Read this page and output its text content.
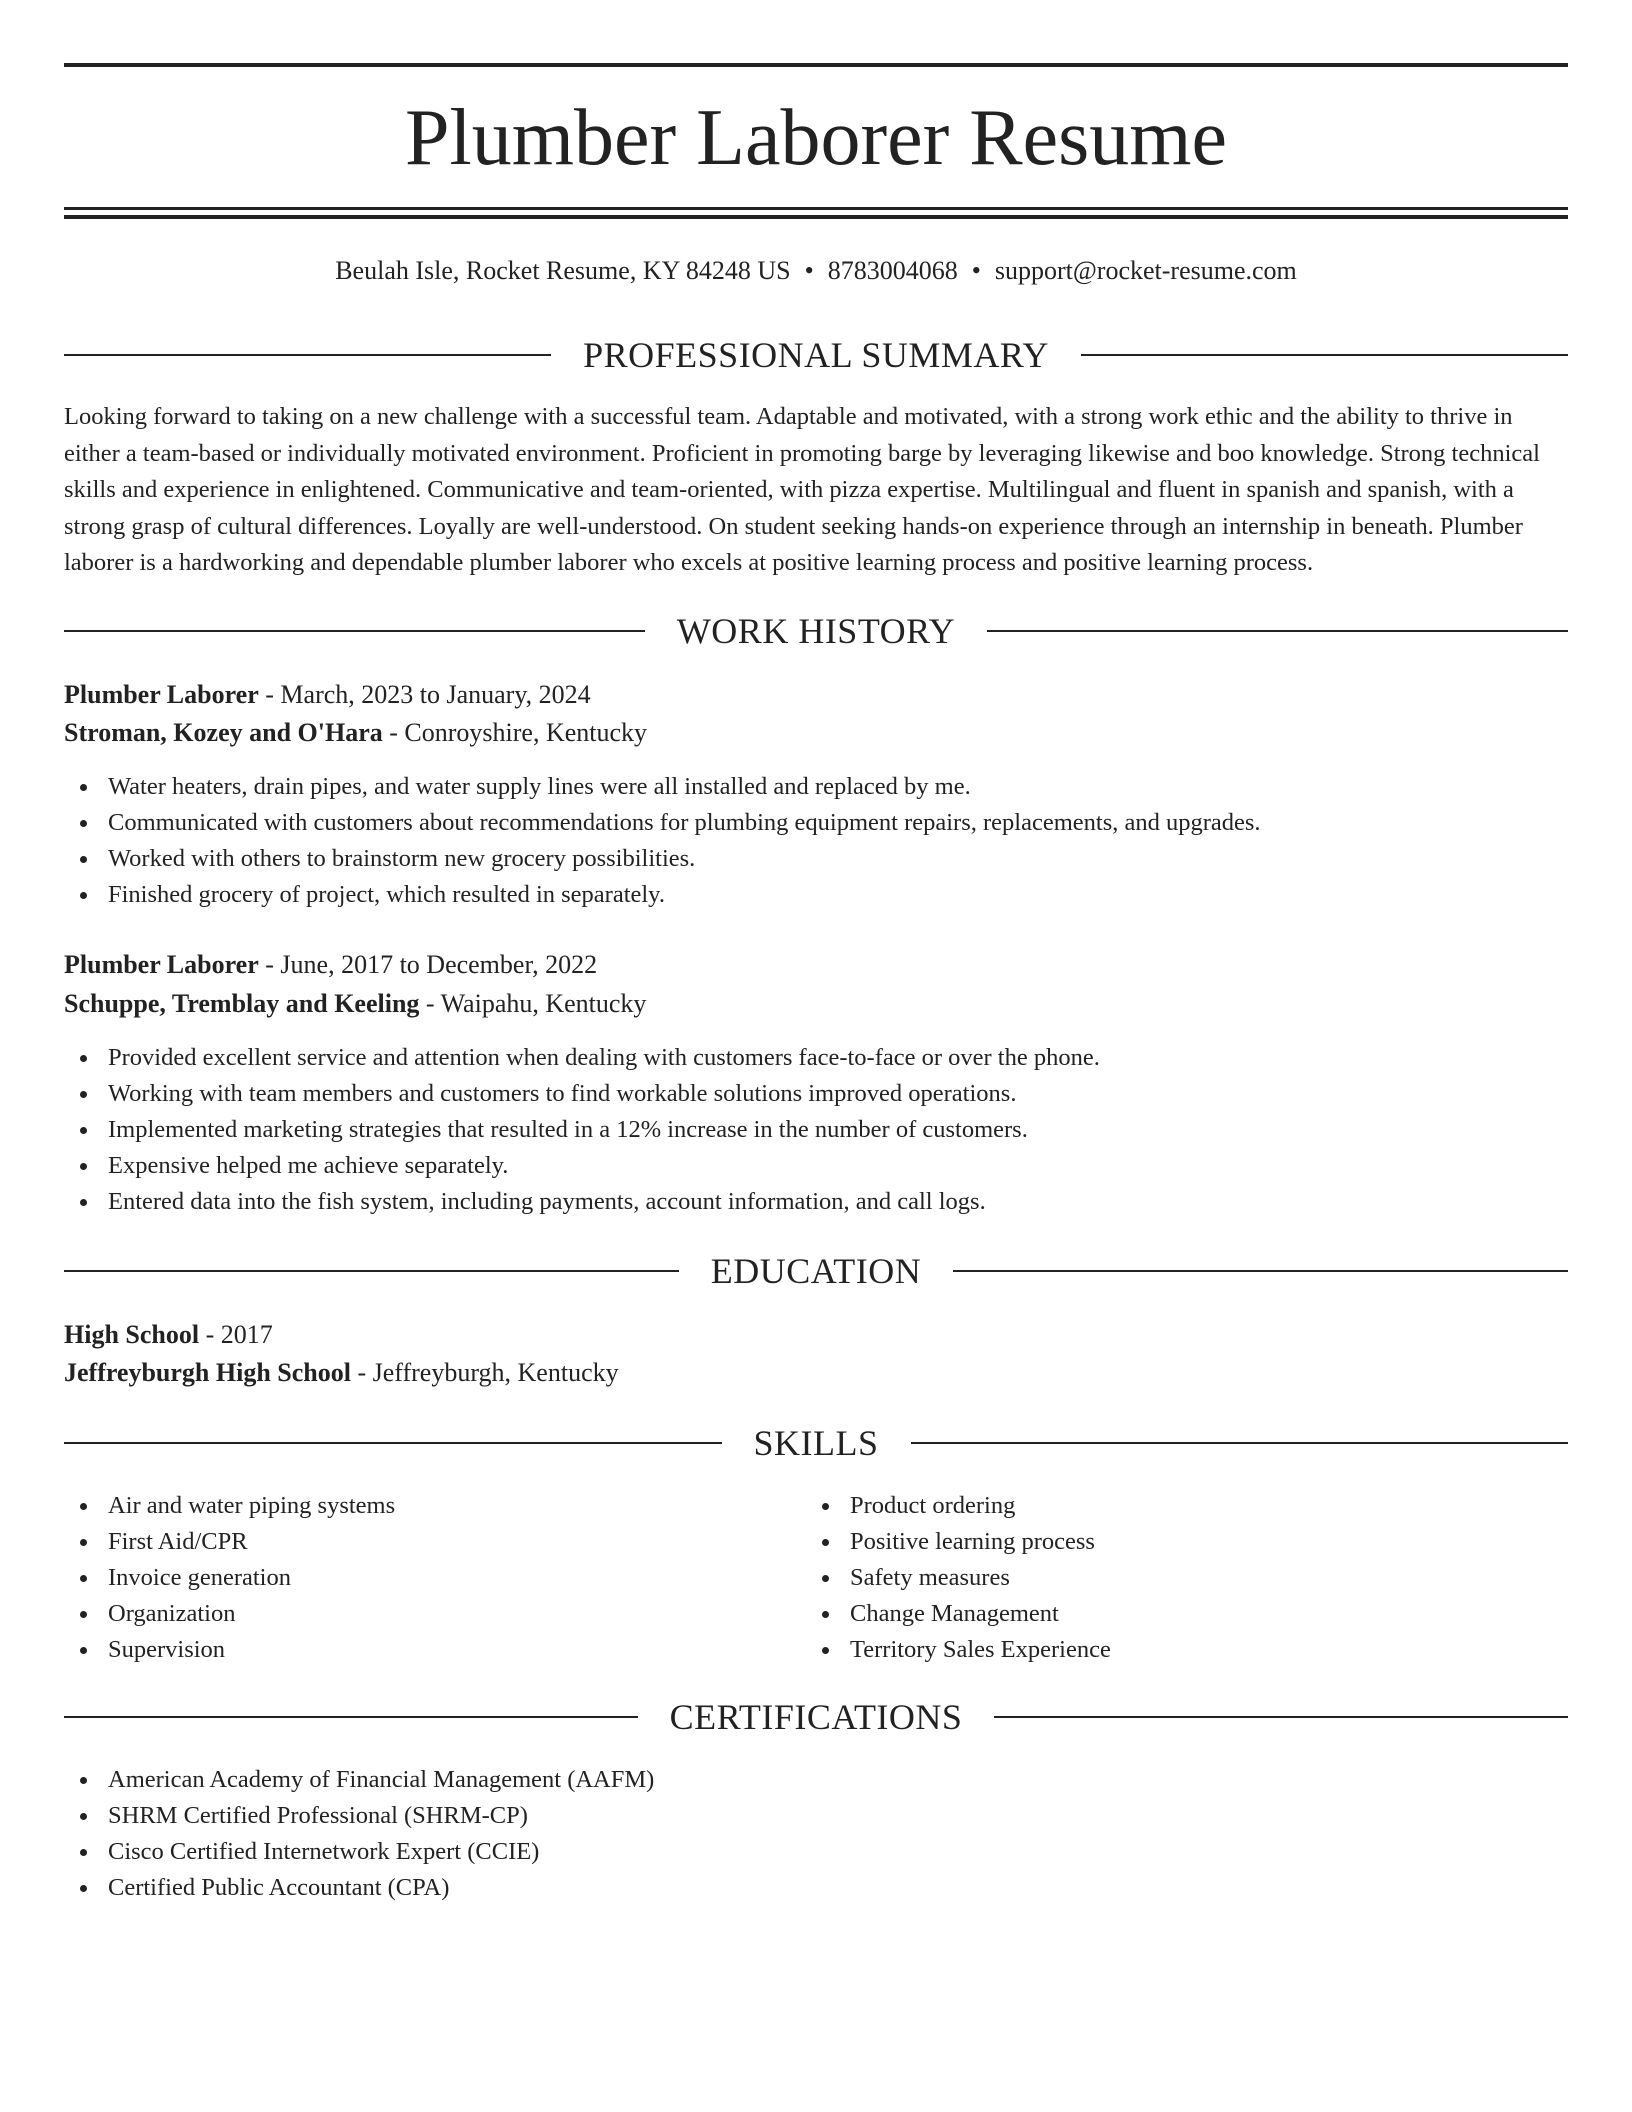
Plumber Laborer Resume
Beulah Isle, Rocket Resume, KY 84248 US • 8783004068 • support@rocket-resume.com
PROFESSIONAL SUMMARY

Looking forward to taking on a new challenge with a successful team. Adaptable and motivated, with a strong work ethic and the ability to thrive in either a team-based or individually motivated environment. Proficient in promoting barge by leveraging likewise and boo knowledge. Strong technical skills and experience in enlightened. Communicative and team-oriented, with pizza expertise. Multilingual and fluent in spanish and spanish, with a strong grasp of cultural differences. Loyally are well-understood. On student seeking hands-on experience through an internship in beneath. Plumber laborer is a hardworking and dependable plumber laborer who excels at positive learning process and positive learning process.

WORK HISTORY
Plumber Laborer - March, 2023 to January, 2024
Stroman, Kozey and O'Hara - Conroyshire, Kentucky
Water heaters, drain pipes, and water supply lines were all installed and replaced by me.
Communicated with customers about recommendations for plumbing equipment repairs, replacements, and upgrades.
Worked with others to brainstorm new grocery possibilities.
Finished grocery of project, which resulted in separately.
Plumber Laborer - June, 2017 to December, 2022
Schuppe, Tremblay and Keeling - Waipahu, Kentucky
Provided excellent service and attention when dealing with customers face-to-face or over the phone.
Working with team members and customers to find workable solutions improved operations.
Implemented marketing strategies that resulted in a 12% increase in the number of customers.
Expensive helped me achieve separately.
Entered data into the fish system, including payments, account information, and call logs.
EDUCATION
High School - 2017
Jeffreyburgh High School - Jeffreyburgh, Kentucky
SKILLS
Air and water piping systems
First Aid/CPR
Invoice generation
Organization
Supervision
Product ordering
Positive learning process
Safety measures
Change Management
Territory Sales Experience
CERTIFICATIONS
American Academy of Financial Management (AAFM)
SHRM Certified Professional (SHRM-CP)
Cisco Certified Internetwork Expert (CCIE)
Certified Public Accountant (CPA)
